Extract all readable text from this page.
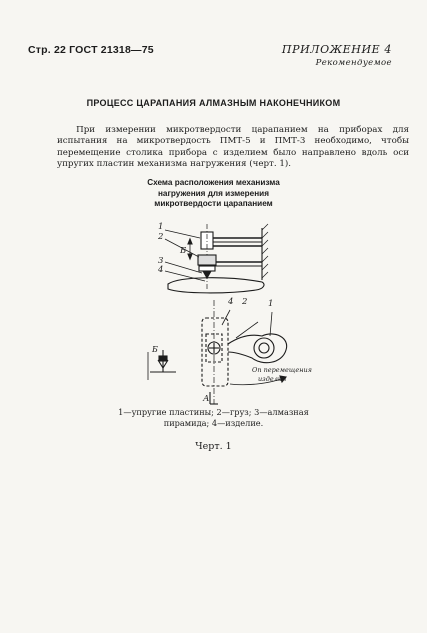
Стр. 22 ГОСТ 21318—75	ПРИЛОЖЕНИЕ 4
Рекомендуемое
ПРОЦЕСС ЦАРАПАНИЯ АЛМАЗНЫМ НАКОНЕЧНИКОМ
При измерении микротвердости царапанием на приборах для испытания на микротвердость ПМТ-5 и ПМТ-3 необходимо, чтобы перемещение столика прибора с изделием было направлено вдоль оси упругих пластин механизма нагружения (черт. 1).
Схема расположения механизма
нагружения для измерения
микротвердости царапанием
1
2
Б
3
4
4 2 1
Б
А
Оn перемещения
изделия
1—упругие пластины; 2—груз; 3—алмазная
пирамида; 4—изделие.
Черт. 1
